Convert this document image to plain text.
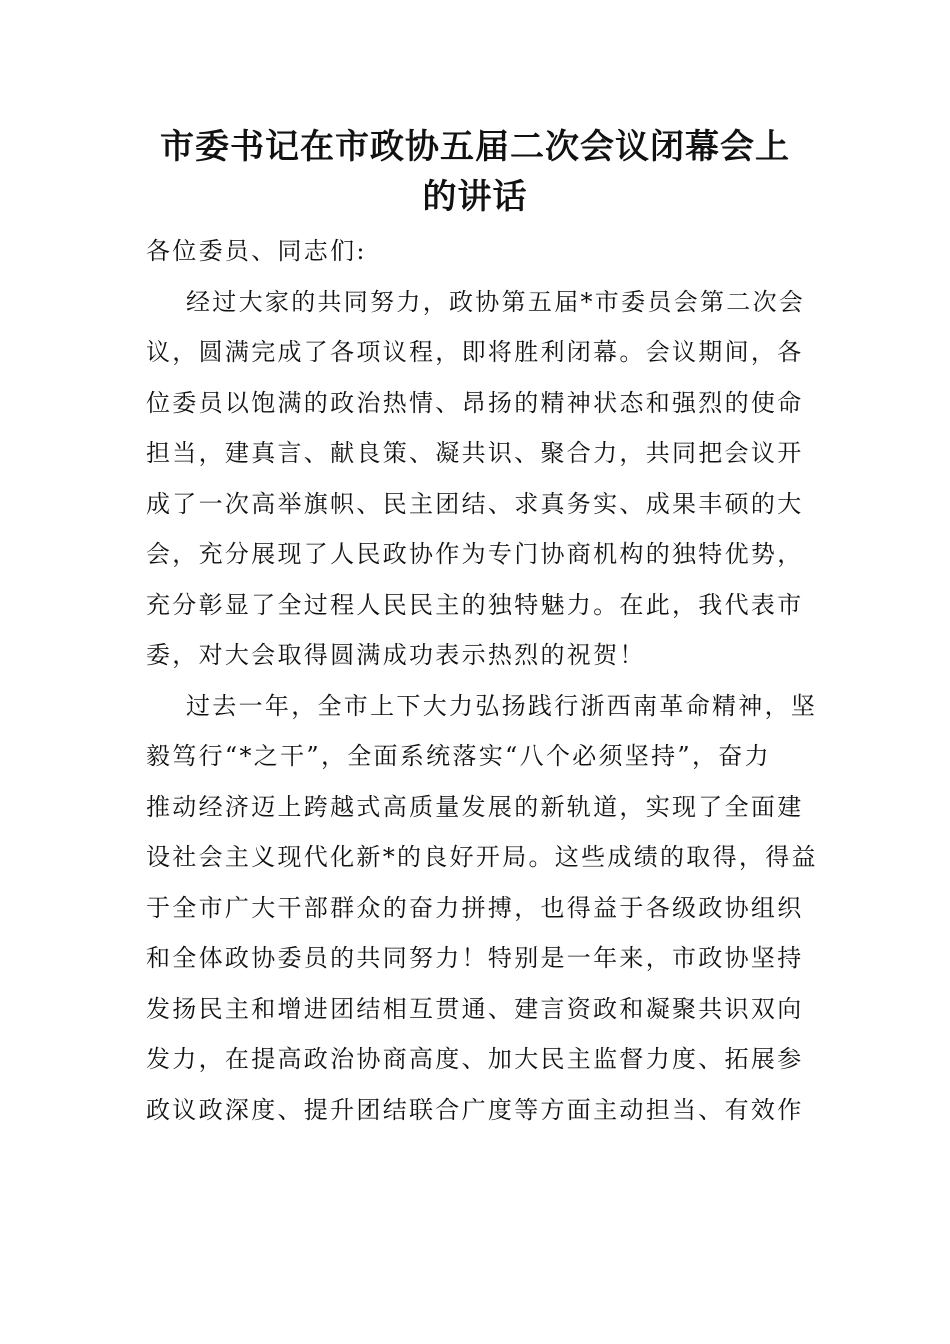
市委书记在市政协五届二次会议闭幕会上
的讲话
各位委员、同志们:
经过大家的共同努力，政协第五届*市委员会第二次会
议，圆满完成了各项议程，即将胜利闭幕。会议期间，各
位委员以饱满的政治热情、昂扬的精神状态和强烈的使命
担当，建真言、献良策、凝共识、聚合力，共同把会议开
成了一次高举旗帜、民主团结、求真务实、成果丰硕的大
会，充分展现了人民政协作为专门协商机构的独特优势，
充分彰显了全过程人民民主的独特魅力。在此，我代表市
委，对大会取得圆满成功表示热烈的祝贺！
过去一年，全市上下大力弘扬践行浙西南革命精神，坚
毅笃行“*之干”，全面系统落实“八个必须坚持”，奋力
推动经济迈上跨越式高质量发展的新轨道，实现了全面建
设社会主义现代化新*的良好开局。这些成绩的取得，得益
于全市广大干部群众的奋力拼搏，也得益于各级政协组织
和全体政协委员的共同努力！特别是一年来，市政协坚持
发扬民主和增进团结相互贯通、建言资政和凝聚共识双向
发力，在提高政治协商高度、加大民主监督力度、拓展参
政议政深度、提升团结联合广度等方面主动担当、有效作
